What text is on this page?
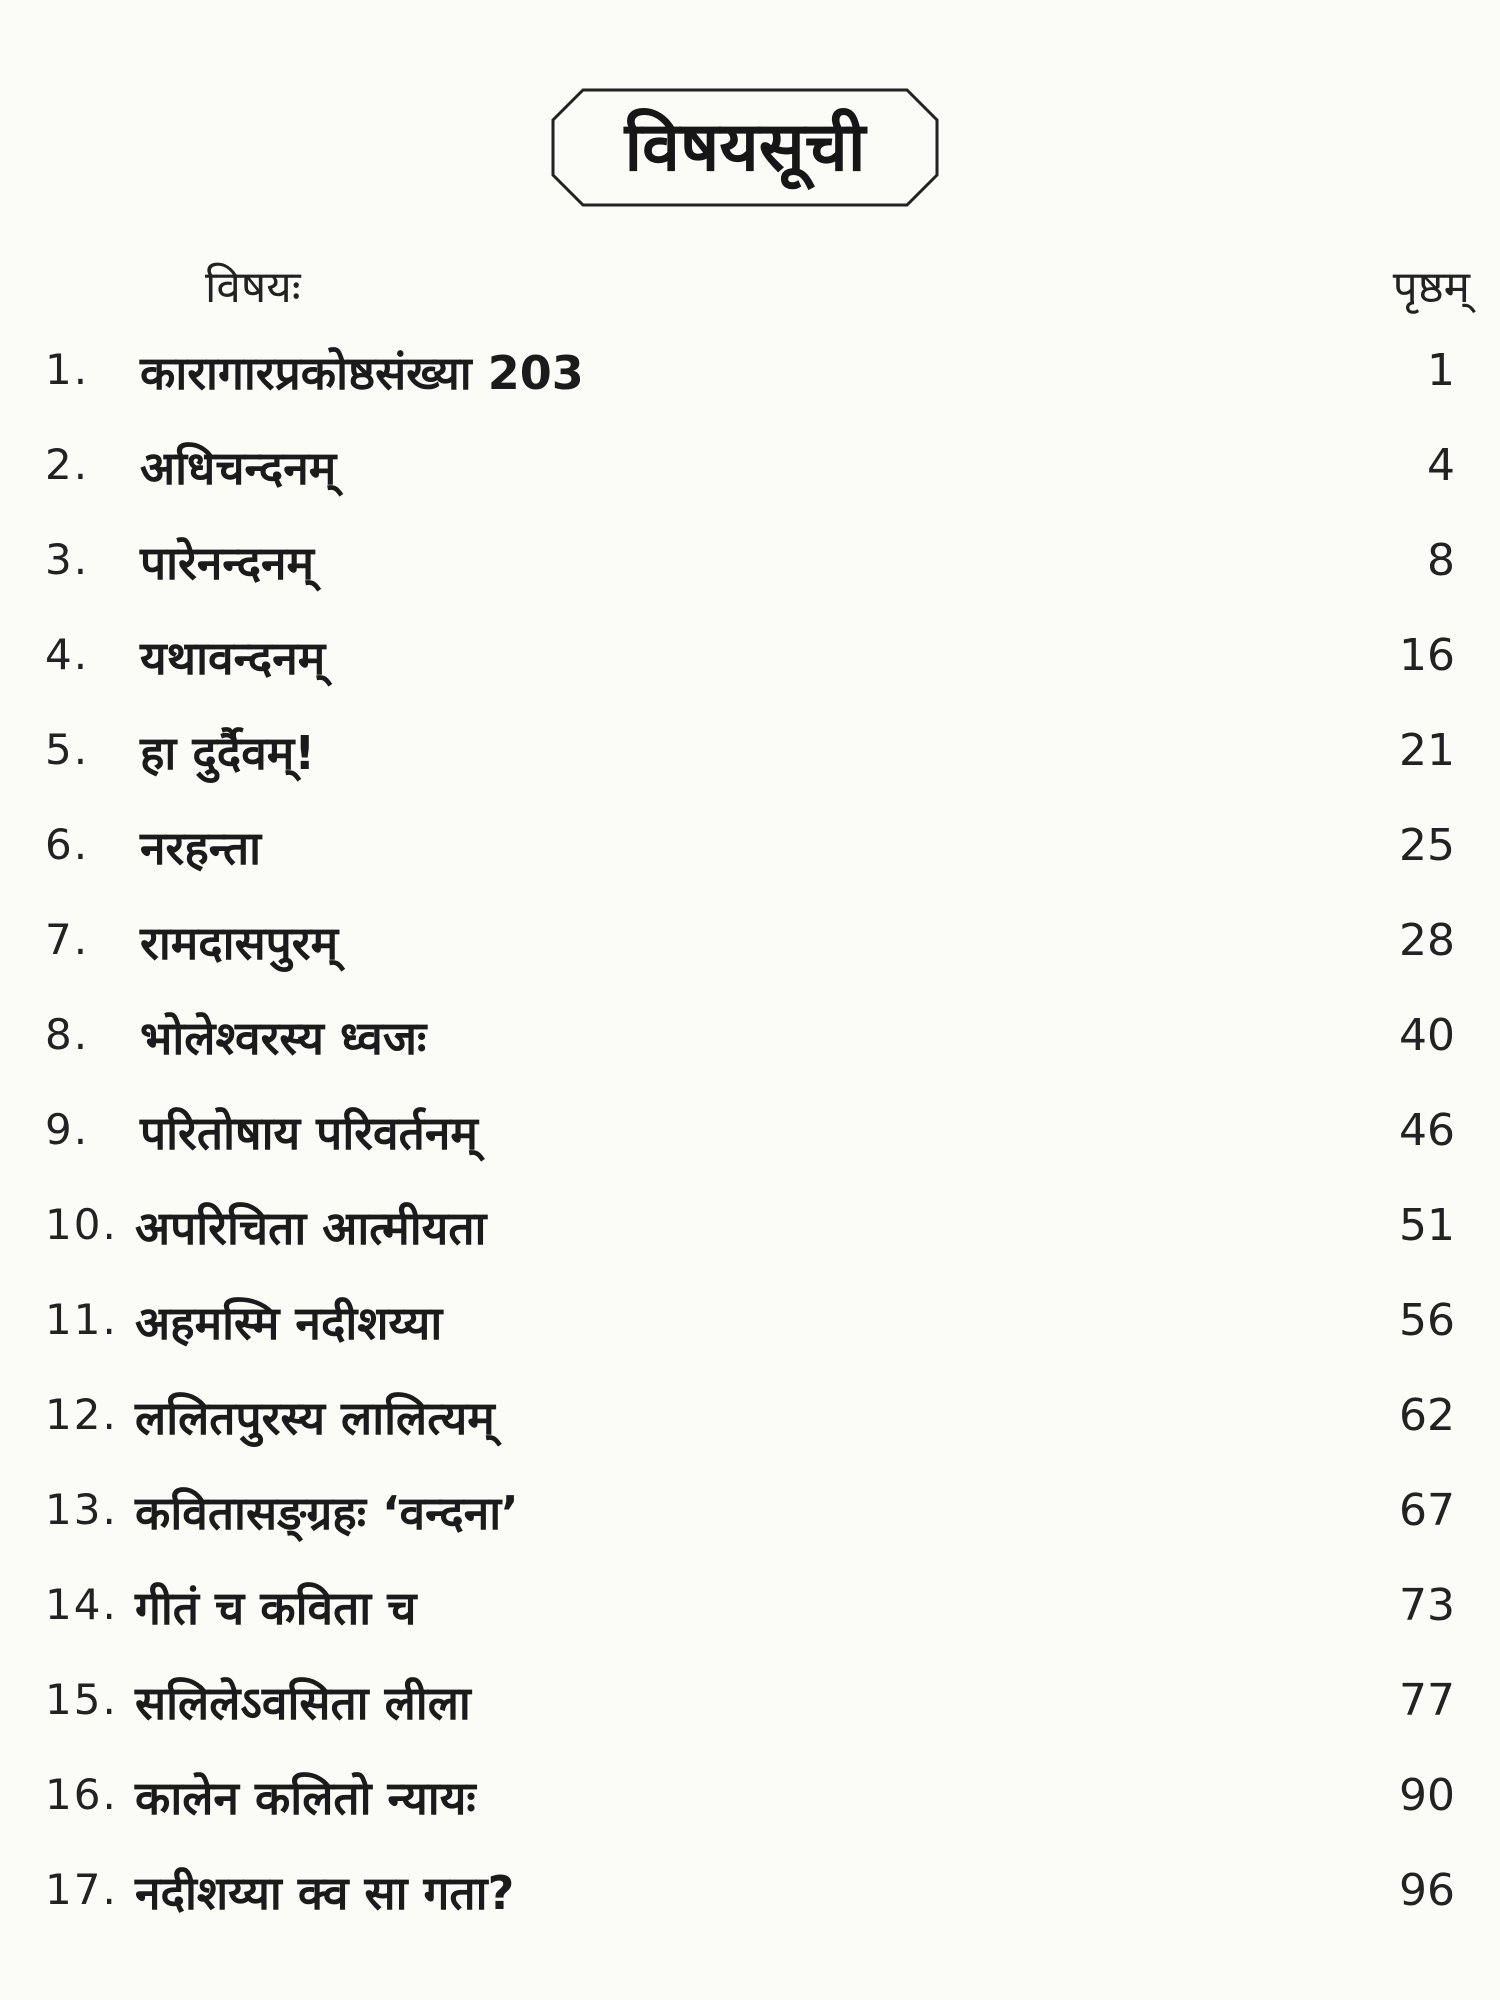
विषयसूची
विषयः	पृष्ठम्
1. कारागारप्रकोष्ठसंख्या 203	1
2. अधिचन्दनम्	4
3. पारेनन्दनम्	8
4. यथावन्दनम्	16
5. हा दुर्दैवम्!	21
6. नरहन्ता	25
7. रामदासपुरम्	28
8. भोलेश्वरस्य ध्वजः	40
9. परितोषाय परिवर्तनम्	46
10. अपरिचिता आत्मीयता	51
11. अहमस्मि नदीशय्या	56
12. ललितपुरस्य लालित्यम्	62
13. कवितासङ्ग्रहः ‘वन्दना’	67
14. गीतं च कविता च	73
15. सलिलेऽवसिता लीला	77
16. कालेन कलितो न्यायः	90
17. नदीशय्या क्व सा गता?	96
